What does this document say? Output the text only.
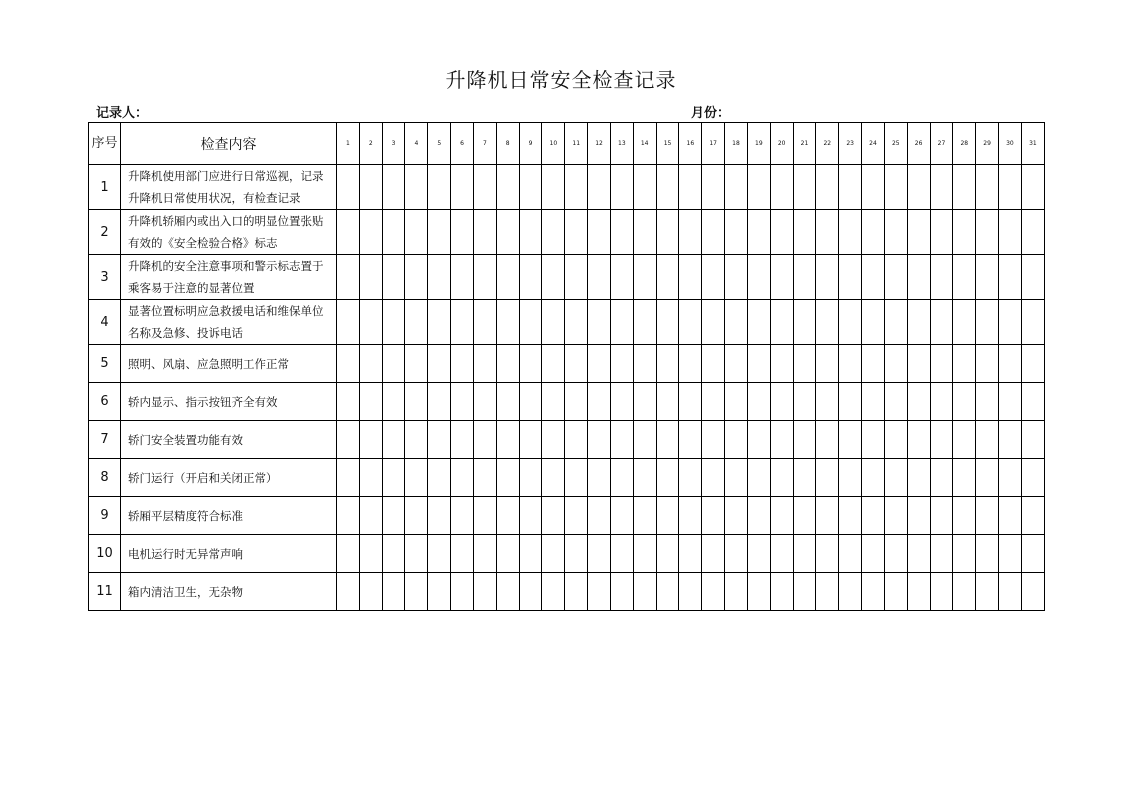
升降机日常安全检查记录
记录人：	月份：
序号	检查内容	1	2	3	4	5	6	7	8	9	10	11	12	13	14	15	16	17	18	19	20	21	22	23	24	25	26	27	28	29	30	31
1	升降机使用部门应进行日常巡视，记录升降机日常使用状况，有检查记录																															
2	升降机轿厢内或出入口的明显位置张贴有效的《安全检验合格》标志																															
3	升降机的安全注意事项和警示标志置于乘客易于注意的显著位置																															
4	显著位置标明应急救援电话和维保单位名称及急修、投诉电话																															
5	照明、风扇、应急照明工作正常																															
6	轿内显示、指示按钮齐全有效																															
7	轿门安全装置功能有效																															
8	轿门运行（开启和关闭正常）																															
9	轿厢平层精度符合标准																															
10	电机运行时无异常声响																															
11	箱内清洁卫生，无杂物																															
